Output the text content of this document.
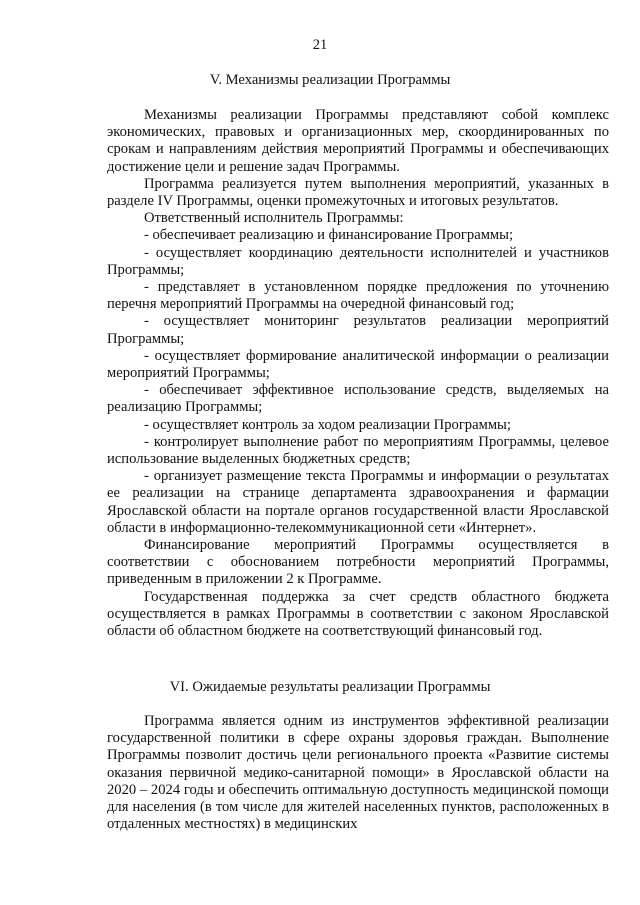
21
V. Механизмы реализации Программы

Механизмы реализации Программы представляют собой комплекс экономических, правовых и организационных мер, скоординированных по срокам и направлениям действия мероприятий Программы и обеспечивающих достижение цели и решение задач Программы.

Программа реализуется путем выполнения мероприятий, указанных в разделе IV Программы, оценки промежуточных и итоговых результатов.

Ответственный исполнитель Программы:

- обеспечивает реализацию и финансирование Программы;

- осуществляет координацию деятельности исполнителей и участников Программы;

- представляет в установленном порядке предложения по уточнению перечня мероприятий Программы на очередной финансовый год;

- осуществляет мониторинг результатов реализации мероприятий Программы;

- осуществляет формирование аналитической информации о реализации мероприятий Программы;

- обеспечивает эффективное использование средств, выделяемых на реализацию Программы;

- осуществляет контроль за ходом реализации Программы;

- контролирует выполнение работ по мероприятиям Программы, целевое использование выделенных бюджетных средств;

- организует размещение текста Программы и информации о результатах ее реализации на странице департамента здравоохранения и фармации Ярославской области на портале органов государственной власти Ярославской области в информационно-телекоммуникационной сети «Интернет».

Финансирование мероприятий Программы осуществляется в соответствии с обоснованием потребности мероприятий Программы, приведенным в приложении 2 к Программе.

Государственная поддержка за счет средств областного бюджета осуществляется в рамках Программы в соответствии с законом Ярославской области об областном бюджете на соответствующий финансовый год.

VI. Ожидаемые результаты реализации Программы

Программа является одним из инструментов эффективной реализации государственной политики в сфере охраны здоровья граждан. Выполнение Программы позволит достичь цели регионального проекта «Развитие системы оказания первичной медико-санитарной помощи» в Ярославской области на 2020 – 2024 годы и обеспечить оптимальную доступность медицинской помощи для населения (в том числе для жителей населенных пунктов, расположенных в отдаленных местностях) в медицинских
